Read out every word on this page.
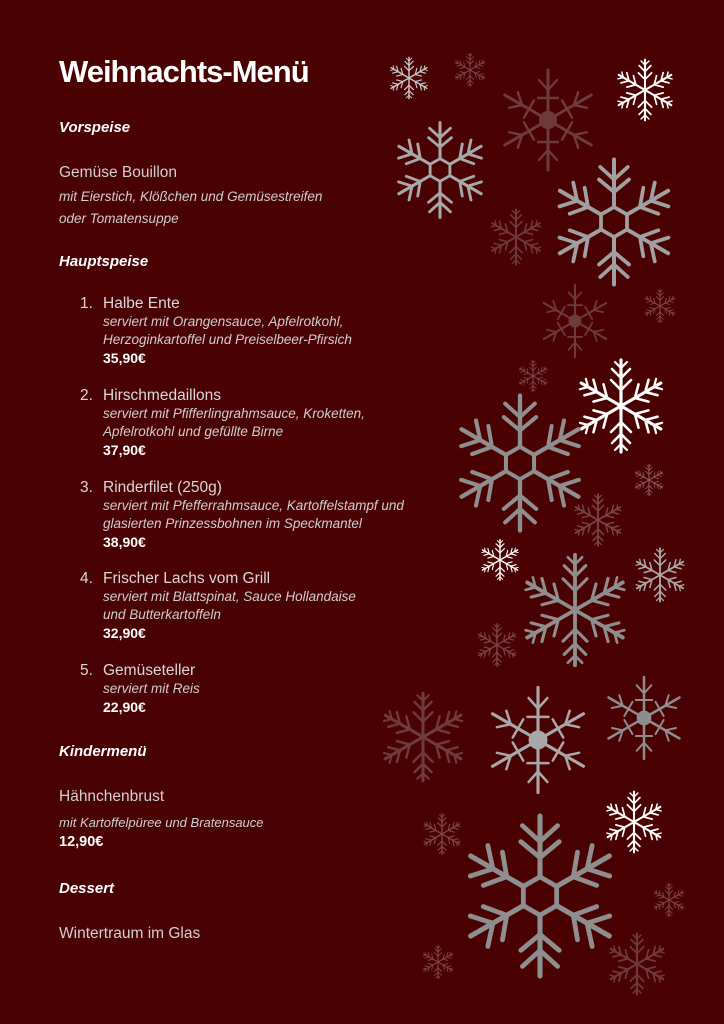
Weihnachts-Menü
Vorspeise
Gemüse Bouillon
mit Eierstich, Klößchen und Gemüsestreifen
oder Tomatensuppe
Hauptspeise
1. Halbe Ente
serviert mit Orangensauce, Apfelrotkohl,
Herzoginkartoffel und Preiselbeer-Pfirsich
35,90€
2. Hirschmedaillons
serviert mit Pfifferlingrahmsauce, Kroketten,
Apfelrotkohl und gefüllte Birne
37,90€
3. Rinderfilet (250g)
serviert mit Pfefferrahmsauce, Kartoffelstampf und
glasierten Prinzessbohnen im Speckmantel
38,90€
4. Frischer Lachs vom Grill
serviert mit Blattspinat, Sauce Hollandaise
und Butterkartoffeln
32,90€
5. Gemüseteller
serviert mit Reis
22,90€
Kindermenü
Hähnchenbrust
mit Kartoffelpüree und Bratensauce
12,90€
Dessert
Wintertraum im Glas
